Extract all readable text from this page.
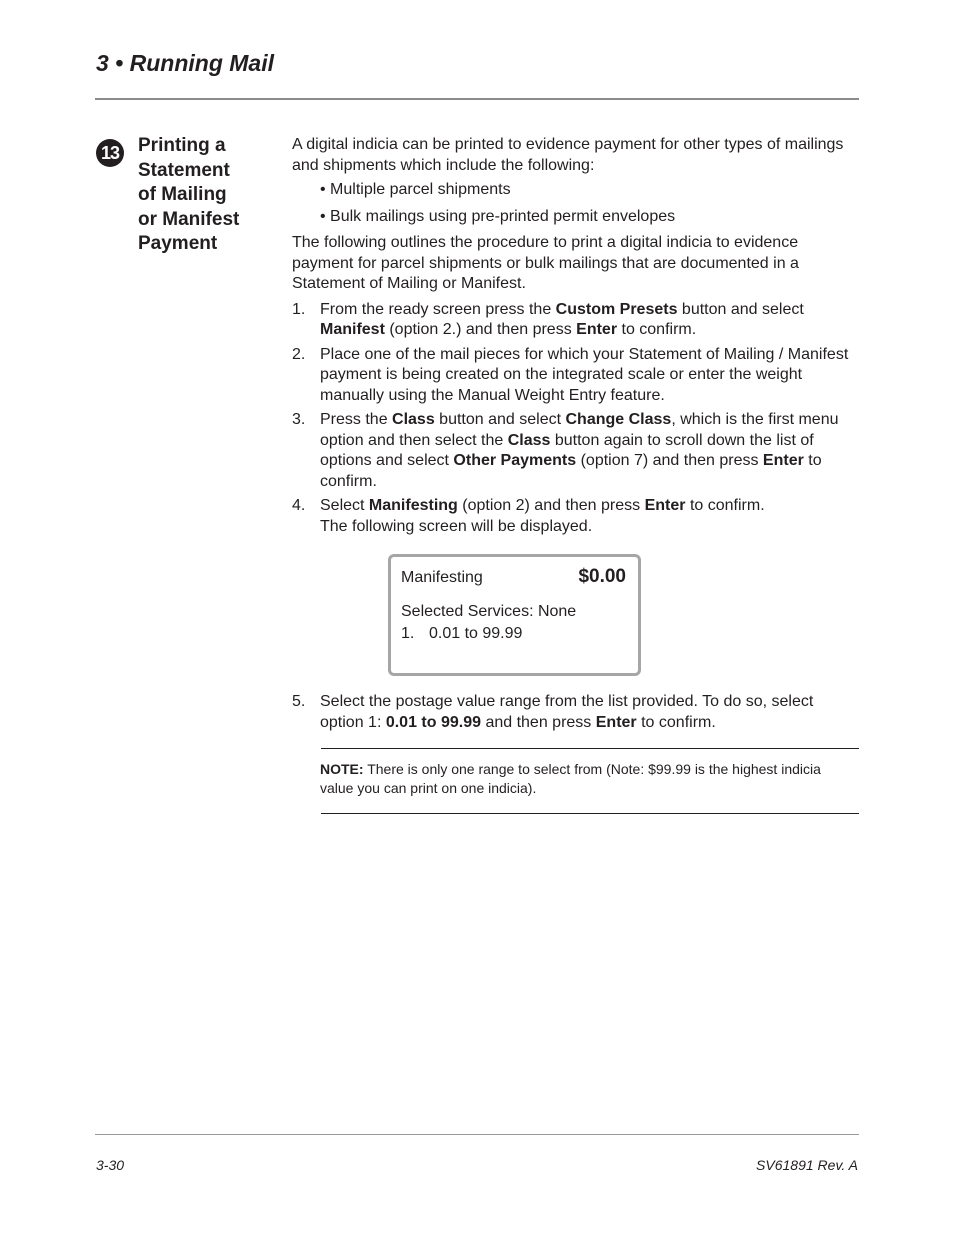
3 • Running Mail
13 Printing a
Statement
of Mailing
or Manifest
Payment

A digital indicia can be printed to evidence payment for other types of mailings and shipments which include the following:

• Multiple parcel shipments
• Bulk mailings using pre-printed permit envelopes

The following outlines the procedure to print a digital indicia to evidence payment for parcel shipments or bulk mailings that are documented in a Statement of Mailing or Manifest.

1. From the ready screen press the Custom Presets button and select Manifest (option 2.) and then press Enter to confirm.
2. Place one of the mail pieces for which your Statement of Mailing / Manifest payment is being created on the integrated scale or enter the weight manually using the Manual Weight Entry feature.
3. Press the Class button and select Change Class, which is the first menu option and then select the Class button again to scroll down the list of options and select Other Payments (option 7) and then press Enter to confirm.
4. Select Manifesting (option 2) and then press Enter to confirm.
The following screen will be displayed.
Manifesting	$0.00
Selected Services: None
1. 0.01 to 99.99
5. Select the postage value range from the list provided. To do so, select option 1: 0.01 to 99.99 and then press Enter to confirm.
NOTE: There is only one range to select from (Note: $99.99 is the highest indicia value you can print on one indicia).
3-30	SV61891 Rev. A
